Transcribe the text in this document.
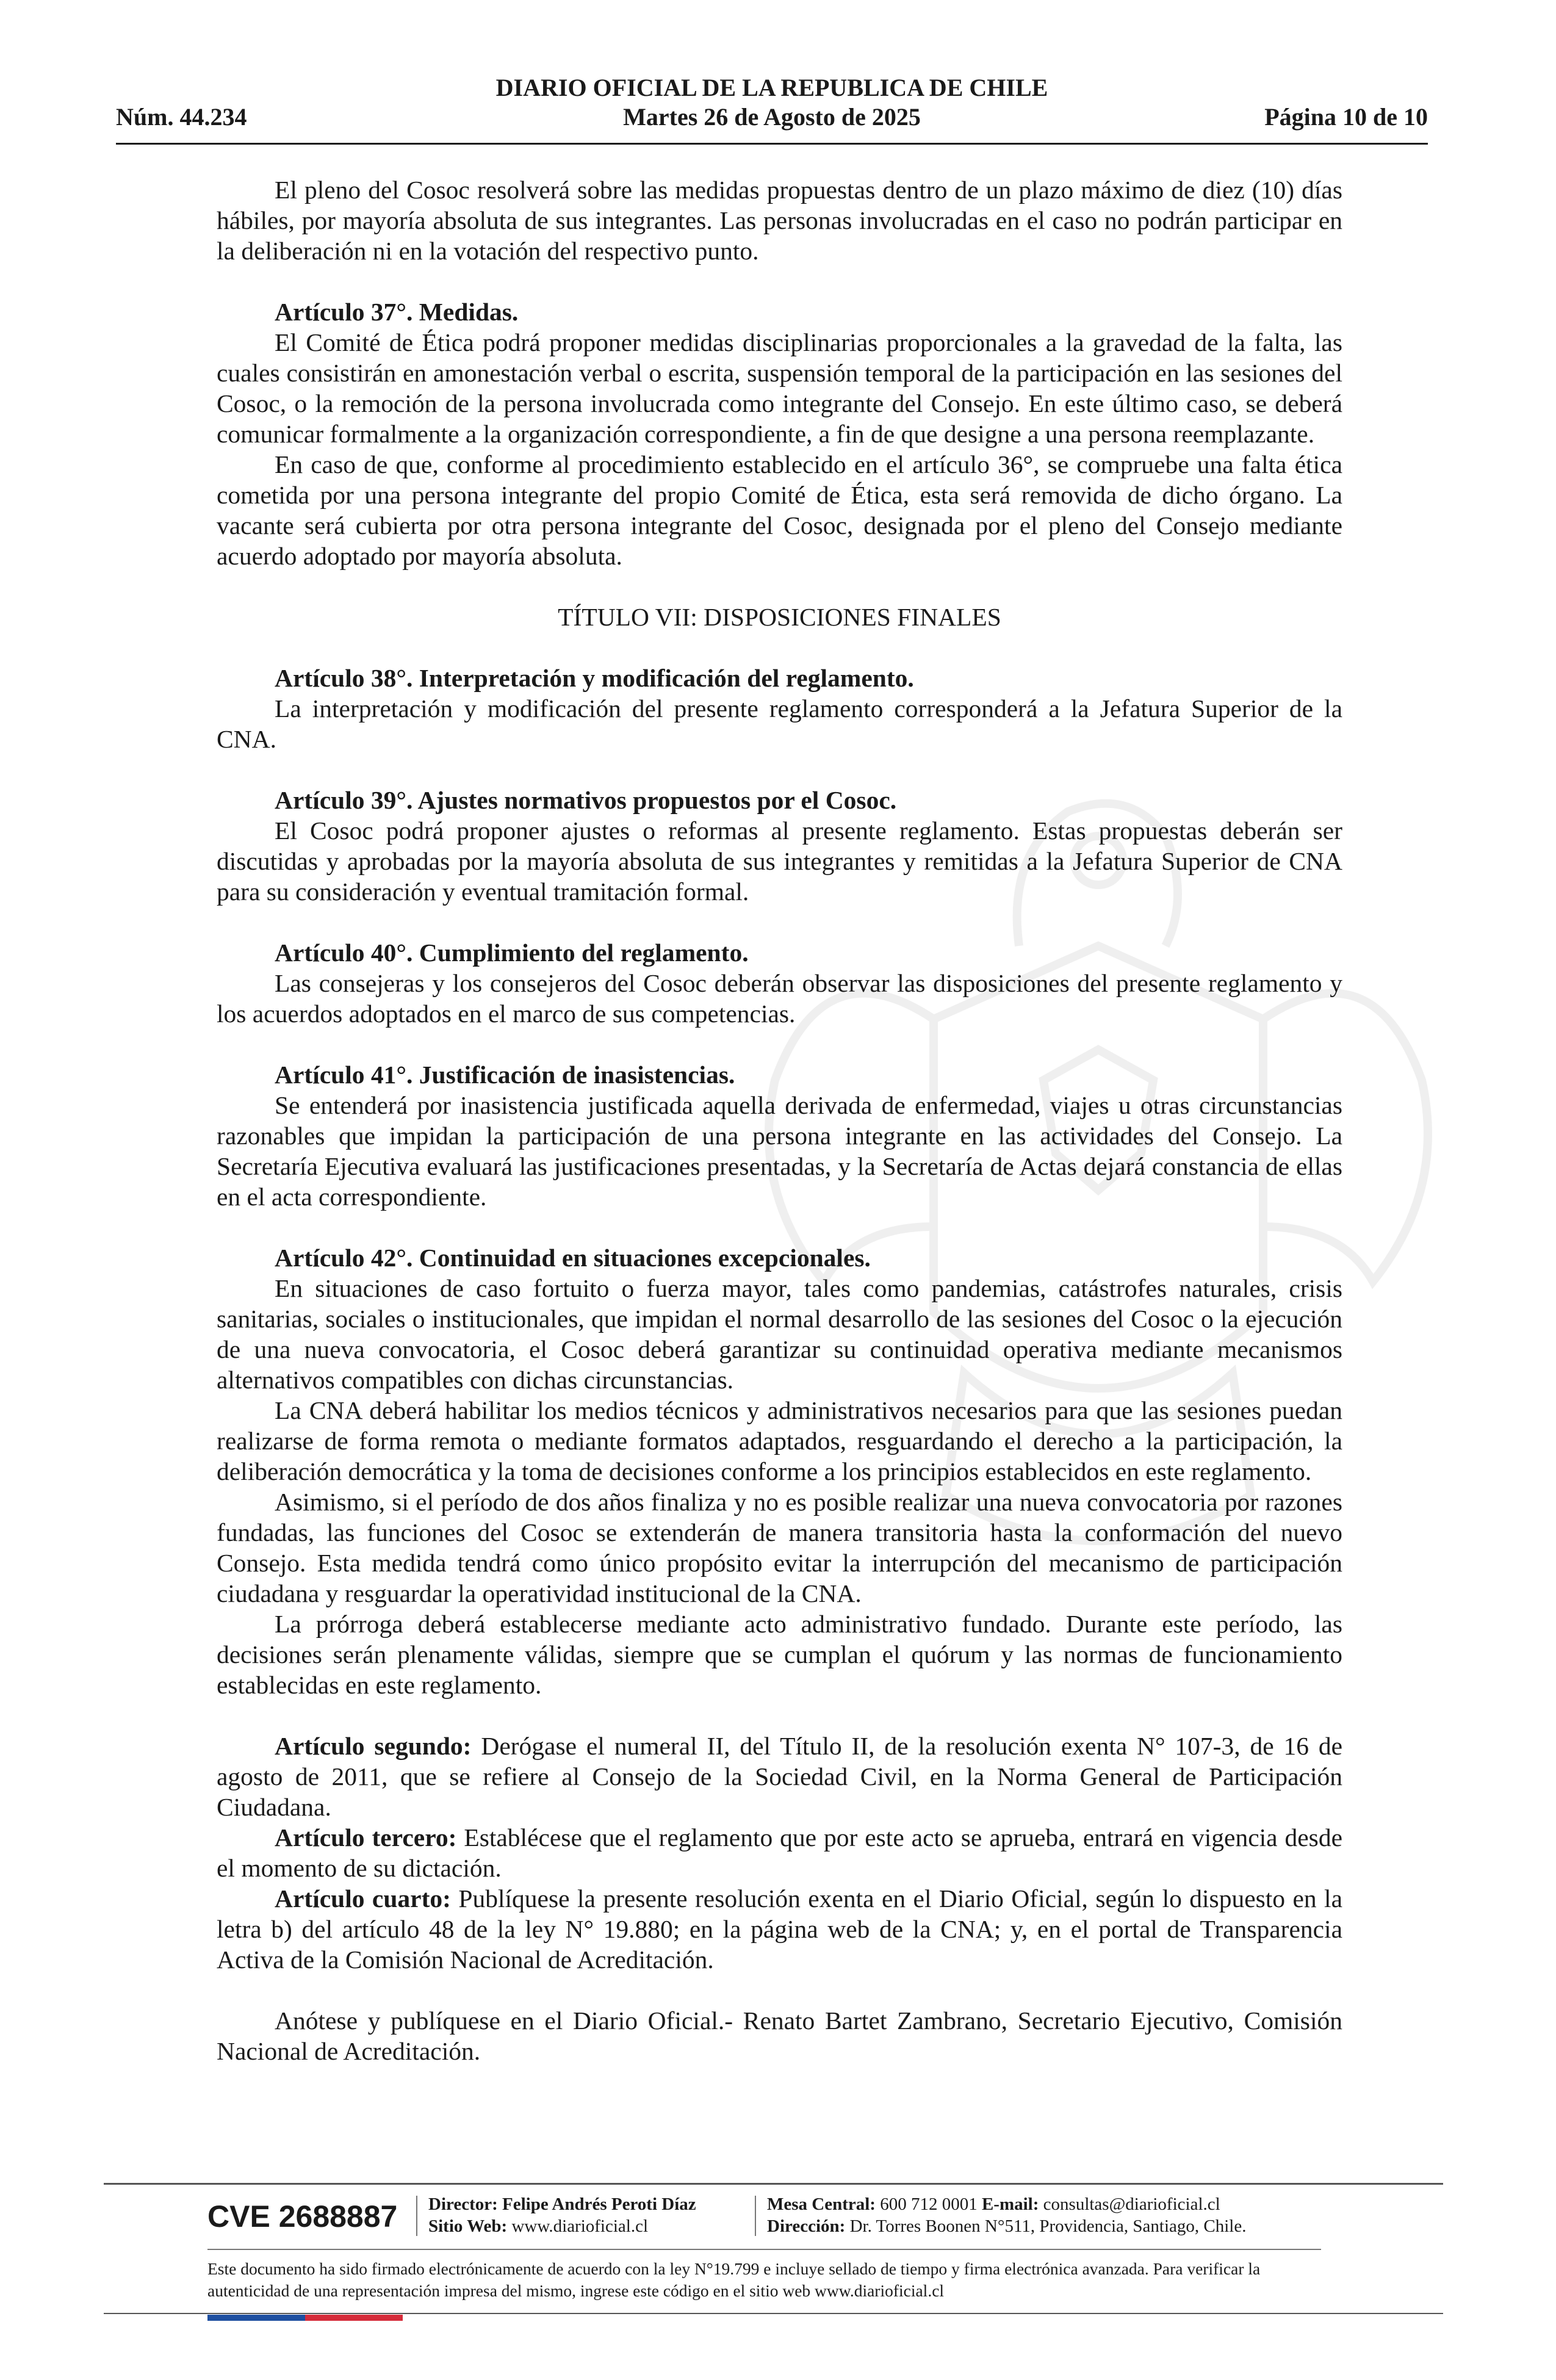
DIARIO OFICIAL DE LA REPUBLICA DE CHILE
Martes 26 de Agosto de 2025
Núm. 44.234	Página 10 de 10

El pleno del Cosoc resolverá sobre las medidas propuestas dentro de un plazo máximo de diez (10) días hábiles, por mayoría absoluta de sus integrantes. Las personas involucradas en el caso no podrán participar en la deliberación ni en la votación del respectivo punto.

Artículo 37°. Medidas.

El Comité de Ética podrá proponer medidas disciplinarias proporcionales a la gravedad de la falta, las cuales consistirán en amonestación verbal o escrita, suspensión temporal de la participación en las sesiones del Cosoc, o la remoción de la persona involucrada como integrante del Consejo. En este último caso, se deberá comunicar formalmente a la organización correspondiente, a fin de que designe a una persona reemplazante.

En caso de que, conforme al procedimiento establecido en el artículo 36°, se compruebe una falta ética cometida por una persona integrante del propio Comité de Ética, esta será removida de dicho órgano. La vacante será cubierta por otra persona integrante del Cosoc, designada por el pleno del Consejo mediante acuerdo adoptado por mayoría absoluta.

TÍTULO VII: DISPOSICIONES FINALES

Artículo 38°. Interpretación y modificación del reglamento.

La interpretación y modificación del presente reglamento corresponderá a la Jefatura Superior de la CNA.

Artículo 39°. Ajustes normativos propuestos por el Cosoc.

El Cosoc podrá proponer ajustes o reformas al presente reglamento. Estas propuestas deberán ser discutidas y aprobadas por la mayoría absoluta de sus integrantes y remitidas a la Jefatura Superior de CNA para su consideración y eventual tramitación formal.

Artículo 40°. Cumplimiento del reglamento.

Las consejeras y los consejeros del Cosoc deberán observar las disposiciones del presente reglamento y los acuerdos adoptados en el marco de sus competencias.

Artículo 41°. Justificación de inasistencias.

Se entenderá por inasistencia justificada aquella derivada de enfermedad, viajes u otras circunstancias razonables que impidan la participación de una persona integrante en las actividades del Consejo. La Secretaría Ejecutiva evaluará las justificaciones presentadas, y la Secretaría de Actas dejará constancia de ellas en el acta correspondiente.

Artículo 42°. Continuidad en situaciones excepcionales.

En situaciones de caso fortuito o fuerza mayor, tales como pandemias, catástrofes naturales, crisis sanitarias, sociales o institucionales, que impidan el normal desarrollo de las sesiones del Cosoc o la ejecución de una nueva convocatoria, el Cosoc deberá garantizar su continuidad operativa mediante mecanismos alternativos compatibles con dichas circunstancias.

La CNA deberá habilitar los medios técnicos y administrativos necesarios para que las sesiones puedan realizarse de forma remota o mediante formatos adaptados, resguardando el derecho a la participación, la deliberación democrática y la toma de decisiones conforme a los principios establecidos en este reglamento.

Asimismo, si el período de dos años finaliza y no es posible realizar una nueva convocatoria por razones fundadas, las funciones del Cosoc se extenderán de manera transitoria hasta la conformación del nuevo Consejo. Esta medida tendrá como único propósito evitar la interrupción del mecanismo de participación ciudadana y resguardar la operatividad institucional de la CNA.

La prórroga deberá establecerse mediante acto administrativo fundado. Durante este período, las decisiones serán plenamente válidas, siempre que se cumplan el quórum y las normas de funcionamiento establecidas en este reglamento.

Artículo segundo: Derógase el numeral II, del Título II, de la resolución exenta N° 107-3, de 16 de agosto de 2011, que se refiere al Consejo de la Sociedad Civil, en la Norma General de Participación Ciudadana.

Artículo tercero: Establécese que el reglamento que por este acto se aprueba, entrará en vigencia desde el momento de su dictación.

Artículo cuarto: Publíquese la presente resolución exenta en el Diario Oficial, según lo dispuesto en la letra b) del artículo 48 de la ley N° 19.880; en la página web de la CNA; y, en el portal de Transparencia Activa de la Comisión Nacional de Acreditación.

Anótese y publíquese en el Diario Oficial.- Renato Bartet Zambrano, Secretario Ejecutivo, Comisión Nacional de Acreditación.

CVE 2688887 Director: Felipe Andrés Peroti Díaz
Sitio Web: www.diarioficial.cl
Mesa Central: 600 712 0001 E-mail: consultas@diarioficial.cl
Dirección: Dr. Torres Boonen N°511, Providencia, Santiago, Chile.
Este documento ha sido firmado electrónicamente de acuerdo con la ley N°19.799 e incluye sellado de tiempo y firma electrónica avanzada. Para verificar la autenticidad de una representación impresa del mismo, ingrese este código en el sitio web www.diarioficial.cl
